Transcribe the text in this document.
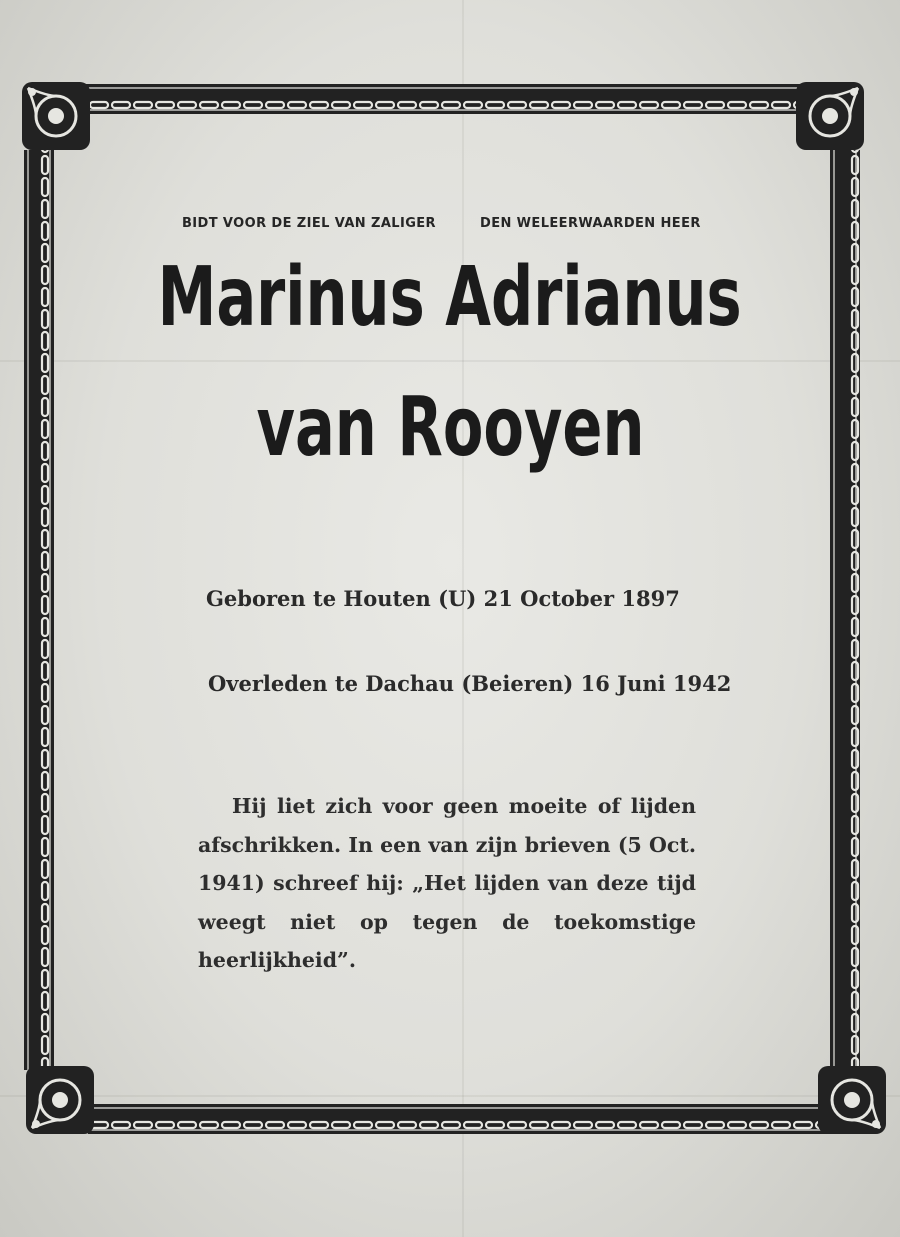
BIDT VOOR DE ZIEL VAN ZALIGER	DEN WELEERWAARDEN HEER
Marinus Adrianus
van Rooyen
Geboren te Houten (U) 21 October 1897
Overleden te Dachau (Beieren) 16 Juni 1942
Hij liet zich voor geen moeite of lijden afschrikken. In een van zijn brieven (5 Oct. 1941) schreef hij: „Het lijden van deze tijd weegt niet op tegen de toekomstige heerlijkheid”.
